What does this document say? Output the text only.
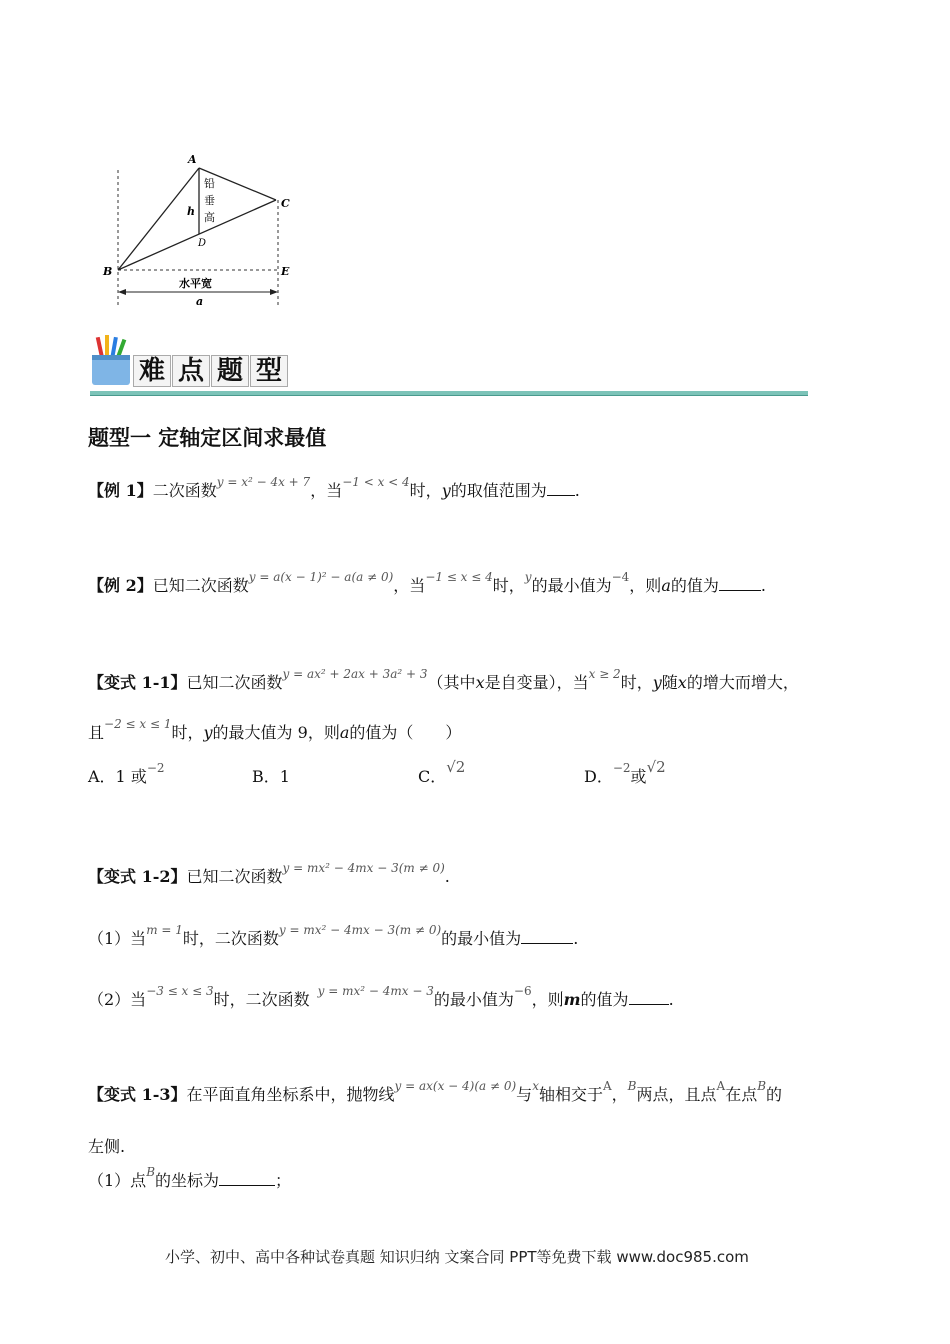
A
B
C
D
E
h
铅
垂
高
水平宽
a
难 点 题 型
题型一 定轴定区间求最值
【例 1】二次函数$^{y = x^2 - 4x + 7}$，当$^{-1 < x < 4}$时，y的取值范围为 .
【例 2】已知二次函数$^{y = a(x - 1)^2 - a(a \ne 0)}$，当$^{-1 \le x \le 4}$时，$^y$的最小值为$^{-4}$，则a的值为	.
【变式 1-1】已知二次函数$^{y = ax^2 + 2ax + 3a^2 + 3}$（其中x是自变量），当$^{x \ge 2}$时，y随x的增大而增大，
且$^{-2 \le x \le 1}$时，y的最大值为 9，则a的值为（　　）
A．1 或$^{-2}$	B．1	C．√2	D．$^{-2}$或√2
【变式 1-2】已知二次函数$^{y = mx^2 - 4mx - 3(m \ne 0)}$.
（1）当$^{m = 1}$时，二次函数$^{y = mx^2 - 4mx - 3(m \ne 0)}$的最小值为	.
（2）当$^{-3 \le x \le 3}$时，二次函数 $^{y = mx^2 - 4mx - 3}$的最小值为$^{-6}$，则m的值为	.
【变式 1-3】在平面直角坐标系中，抛物线$^{y = ax(x - 4)(a \ne 0)}$与$^x$轴相交于$^A$，$^B$两点，且点$^A$在点$^B$的
左侧.
（1）点$^B$的坐标为	；
小学、初中、高中各种试卷真题 知识归纳 文案合同 PPT等免费下载 www.doc985.com
